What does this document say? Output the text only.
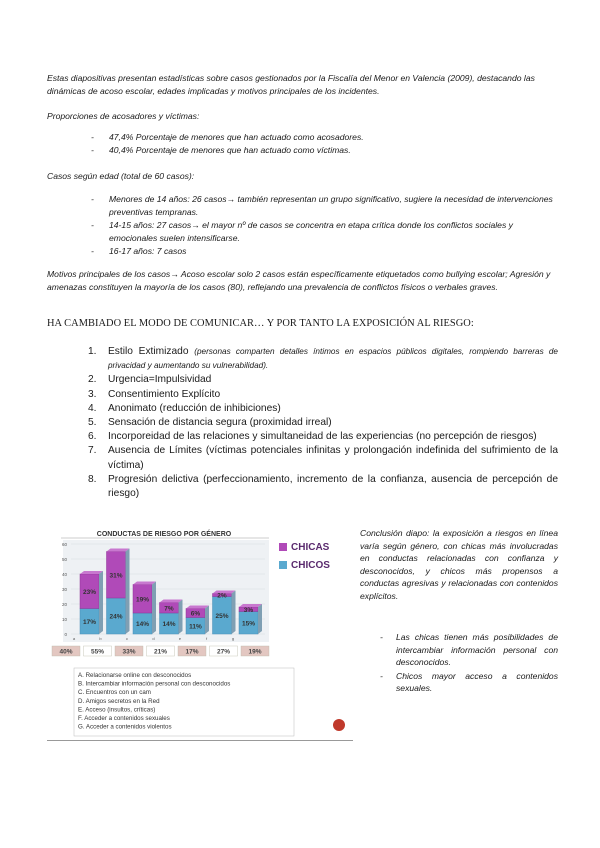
Estas diapositivas presentan estadísticas sobre casos gestionados por la Fiscalía del Menor en Valencia (2009), destacando las dinámicas de acoso escolar, edades implicadas y motivos principales de los incidentes.

Proporciones de acosadores y víctimas:

- 47,4% Porcentaje de menores que han actuado como acosadores.
- 40,4% Porcentaje de menores que han actuado como víctimas.

Casos según edad (total de 60 casos):

- Menores de 14 años: 26 casos→ también representan un grupo significativo, sugiere la necesidad de intervenciones preventivas tempranas.
- 14-15 años: 27 casos→ el mayor nº de casos se concentra en etapa crítica donde los conflictos sociales y emocionales suelen intensificarse.
- 16-17 años: 7 casos

Motivos principales de los casos→ Acoso escolar solo 2 casos están específicamente etiquetados como bullying escolar; Agresión y amenazas constituyen la mayoría de los casos (80), reflejando una prevalencia de conflictos físicos o verbales graves.

HA CAMBIADO EL MODO DE COMUNICAR… Y POR TANTO LA EXPOSICIÓN AL RIESGO:

1. Estilo Extimizado (personas comparten detalles íntimos en espacios públicos digitales, rompiendo barreras de privacidad y aumentando su vulnerabilidad).
2. Urgencia=Impulsividad
3. Consentimiento Explícito
4. Anonimato (reducción de inhibiciones)
5. Sensación de distancia segura (proximidad irreal)
6. Incorporeidad de las relaciones y simultaneidad de las experiencias (no percepción de riesgos)
7. Ausencia de Límites (víctimas potenciales infinitas y prolongación indefinida del sufrimiento de la víctima)
8. Progresión delictiva (perfeccionamiento, incremento de la confianza, ausencia de percepción de riesgo)
CONDUCTAS DE RIESGO POR GÉNERO
0
10
20
30
40
50
60
17%
23%
a
24%
31%
b
14%
19%
c
14%
7%
d
11%
6%
e
25%
2%
f
15%
3%
g
CHICAS
CHICOS
40%	55%	33%	21%	17%	27%	19%
A. Relacionarse online con desconocidos
B. Intercambiar información personal con desconocidos
C. Encuentros con un cam
D. Amigos secretos en la Red
E. Acceso (insultos, críticas)
F. Acceder a contenidos sexuales
G. Acceder a contenidos violentos

Conclusión diapo: la exposición a riesgos en línea varía según género, con chicas más involucradas en conductas relacionadas con confianza y desconocidos, y chicos más propensos a conductas agresivas y relacionadas con contenidos explícitos.

- Las chicas tienen más posibilidades de intercambiar información personal con desconocidos.
- Chicos mayor acceso a contenidos sexuales.
